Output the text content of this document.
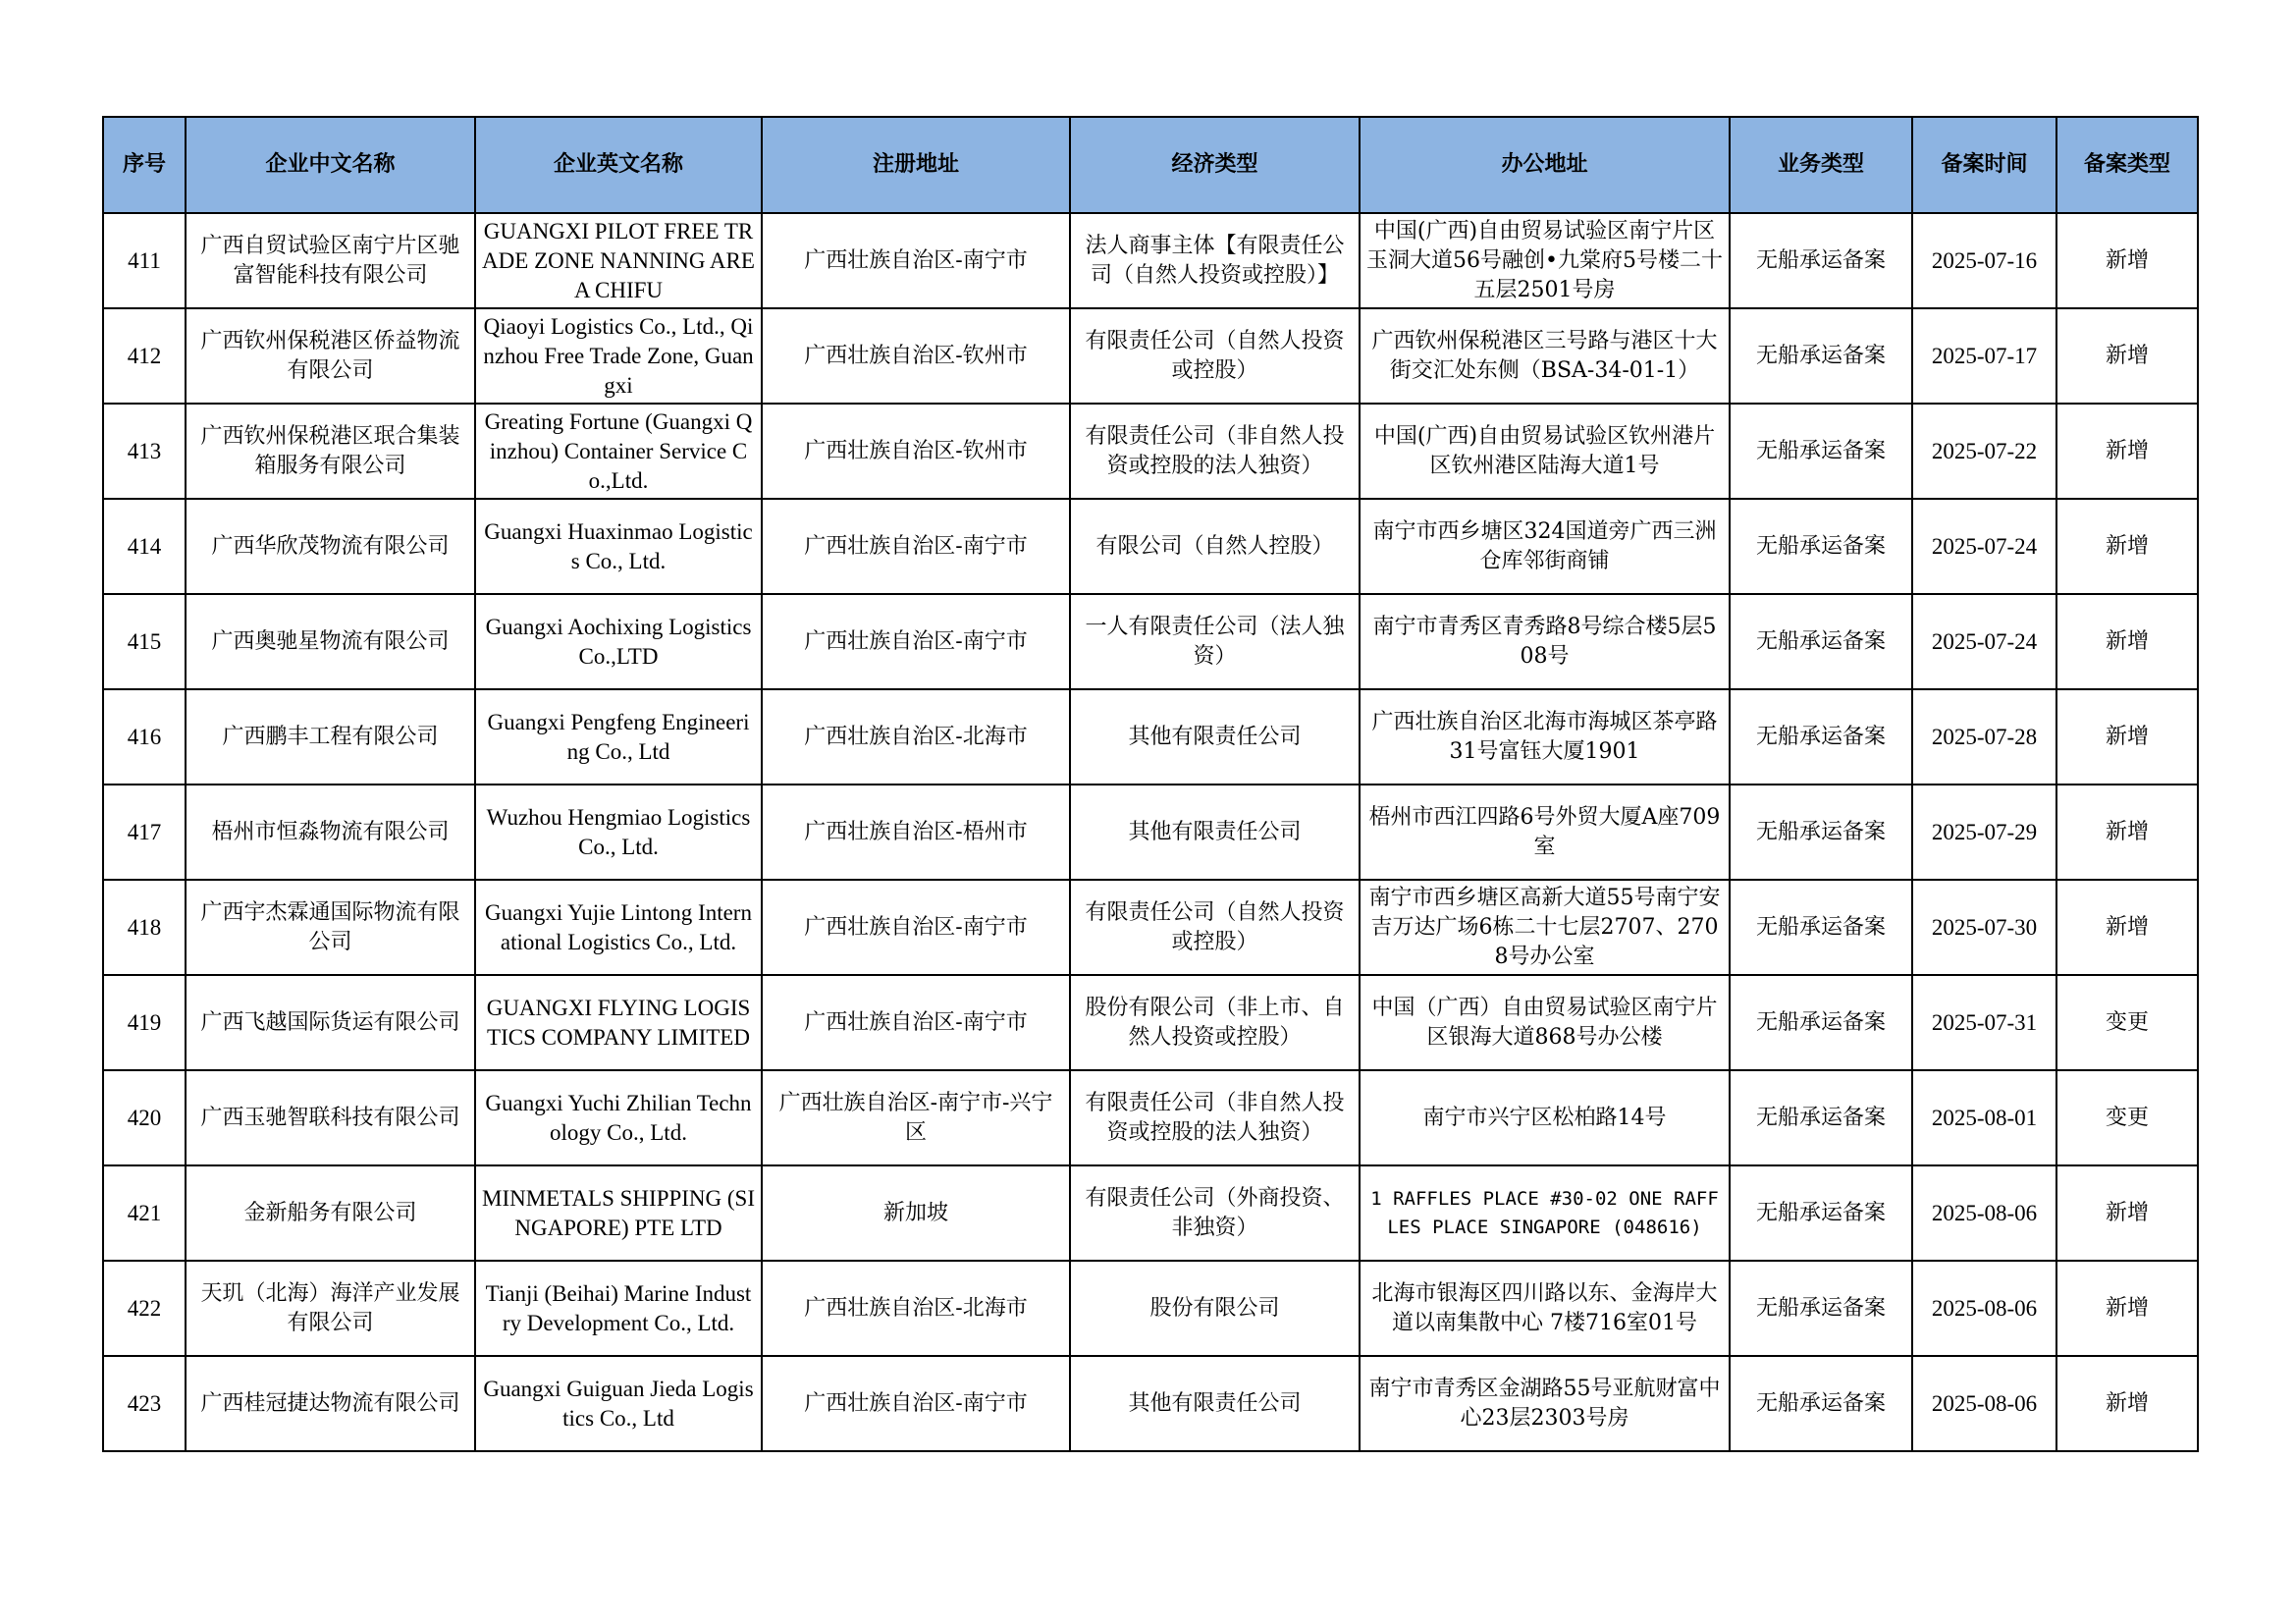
序号	企业中文名称	企业英文名称	注册地址	经济类型	办公地址	业务类型	备案时间	备案类型
411	广西自贸试验区南宁片区驰富智能科技有限公司	GUANGXI PILOT FREE TRADE ZONE NANNING AREA CHIFU	广西壮族自治区-南宁市	法人商事主体【有限责任公司（自然人投资或控股）】	中国(广西)自由贸易试验区南宁片区玉洞大道56号融创•九棠府5号楼二十五层2501号房	无船承运备案	2025-07-16	新增
412	广西钦州保税港区侨益物流有限公司	Qiaoyi Logistics Co., Ltd., Qinzhou Free Trade Zone, Guangxi	广西壮族自治区-钦州市	有限责任公司（自然人投资或控股）	广西钦州保税港区三号路与港区十大街交汇处东侧（BSA-34-01-1）	无船承运备案	2025-07-17	新增
413	广西钦州保税港区珉合集装箱服务有限公司	Greating Fortune (Guangxi Qinzhou) Container Service Co.,Ltd.	广西壮族自治区-钦州市	有限责任公司（非自然人投资或控股的法人独资）	中国(广西)自由贸易试验区钦州港片区钦州港区陆海大道1号	无船承运备案	2025-07-22	新增
414	广西华欣茂物流有限公司	Guangxi Huaxinmao Logistics Co., Ltd.	广西壮族自治区-南宁市	有限公司（自然人控股）	南宁市西乡塘区324国道旁广西三洲仓库邻街商铺	无船承运备案	2025-07-24	新增
415	广西奥驰星物流有限公司	Guangxi Aochixing Logistics Co.,LTD	广西壮族自治区-南宁市	一人有限责任公司（法人独资）	南宁市青秀区青秀路8号综合楼5层508号	无船承运备案	2025-07-24	新增
416	广西鹏丰工程有限公司	Guangxi Pengfeng Engineering Co., Ltd	广西壮族自治区-北海市	其他有限责任公司	广西壮族自治区北海市海城区茶亭路31号富钰大厦1901	无船承运备案	2025-07-28	新增
417	梧州市恒淼物流有限公司	Wuzhou Hengmiao Logistics Co., Ltd.	广西壮族自治区-梧州市	其他有限责任公司	梧州市西江四路6号外贸大厦A座709室	无船承运备案	2025-07-29	新增
418	广西宇杰霖通国际物流有限公司	Guangxi Yujie Lintong International Logistics Co., Ltd.	广西壮族自治区-南宁市	有限责任公司（自然人投资或控股）	南宁市西乡塘区高新大道55号南宁安吉万达广场6栋二十七层2707、2708号办公室	无船承运备案	2025-07-30	新增
419	广西飞越国际货运有限公司	GUANGXI FLYING LOGISTICS COMPANY LIMITED	广西壮族自治区-南宁市	股份有限公司（非上市、自然人投资或控股）	中国（广西）自由贸易试验区南宁片区银海大道868号办公楼	无船承运备案	2025-07-31	变更
420	广西玉驰智联科技有限公司	Guangxi Yuchi Zhilian Technology Co., Ltd.	广西壮族自治区-南宁市-兴宁区	有限责任公司（非自然人投资或控股的法人独资）	南宁市兴宁区松柏路14号	无船承运备案	2025-08-01	变更
421	金新船务有限公司	MINMETALS SHIPPING (SINGAPORE) PTE LTD	新加坡	有限责任公司（外商投资、非独资）	1 RAFFLES PLACE #30-02 ONE RAFFLES PLACE SINGAPORE (048616)	无船承运备案	2025-08-06	新增
422	天玑（北海）海洋产业发展有限公司	Tianji (Beihai) Marine Industry Development Co., Ltd.	广西壮族自治区-北海市	股份有限公司	北海市银海区四川路以东、金海岸大道以南集散中心 7楼716室01号	无船承运备案	2025-08-06	新增
423	广西桂冠捷达物流有限公司	Guangxi Guiguan Jieda Logistics Co., Ltd	广西壮族自治区-南宁市	其他有限责任公司	南宁市青秀区金湖路55号亚航财富中心23层2303号房	无船承运备案	2025-08-06	新增
